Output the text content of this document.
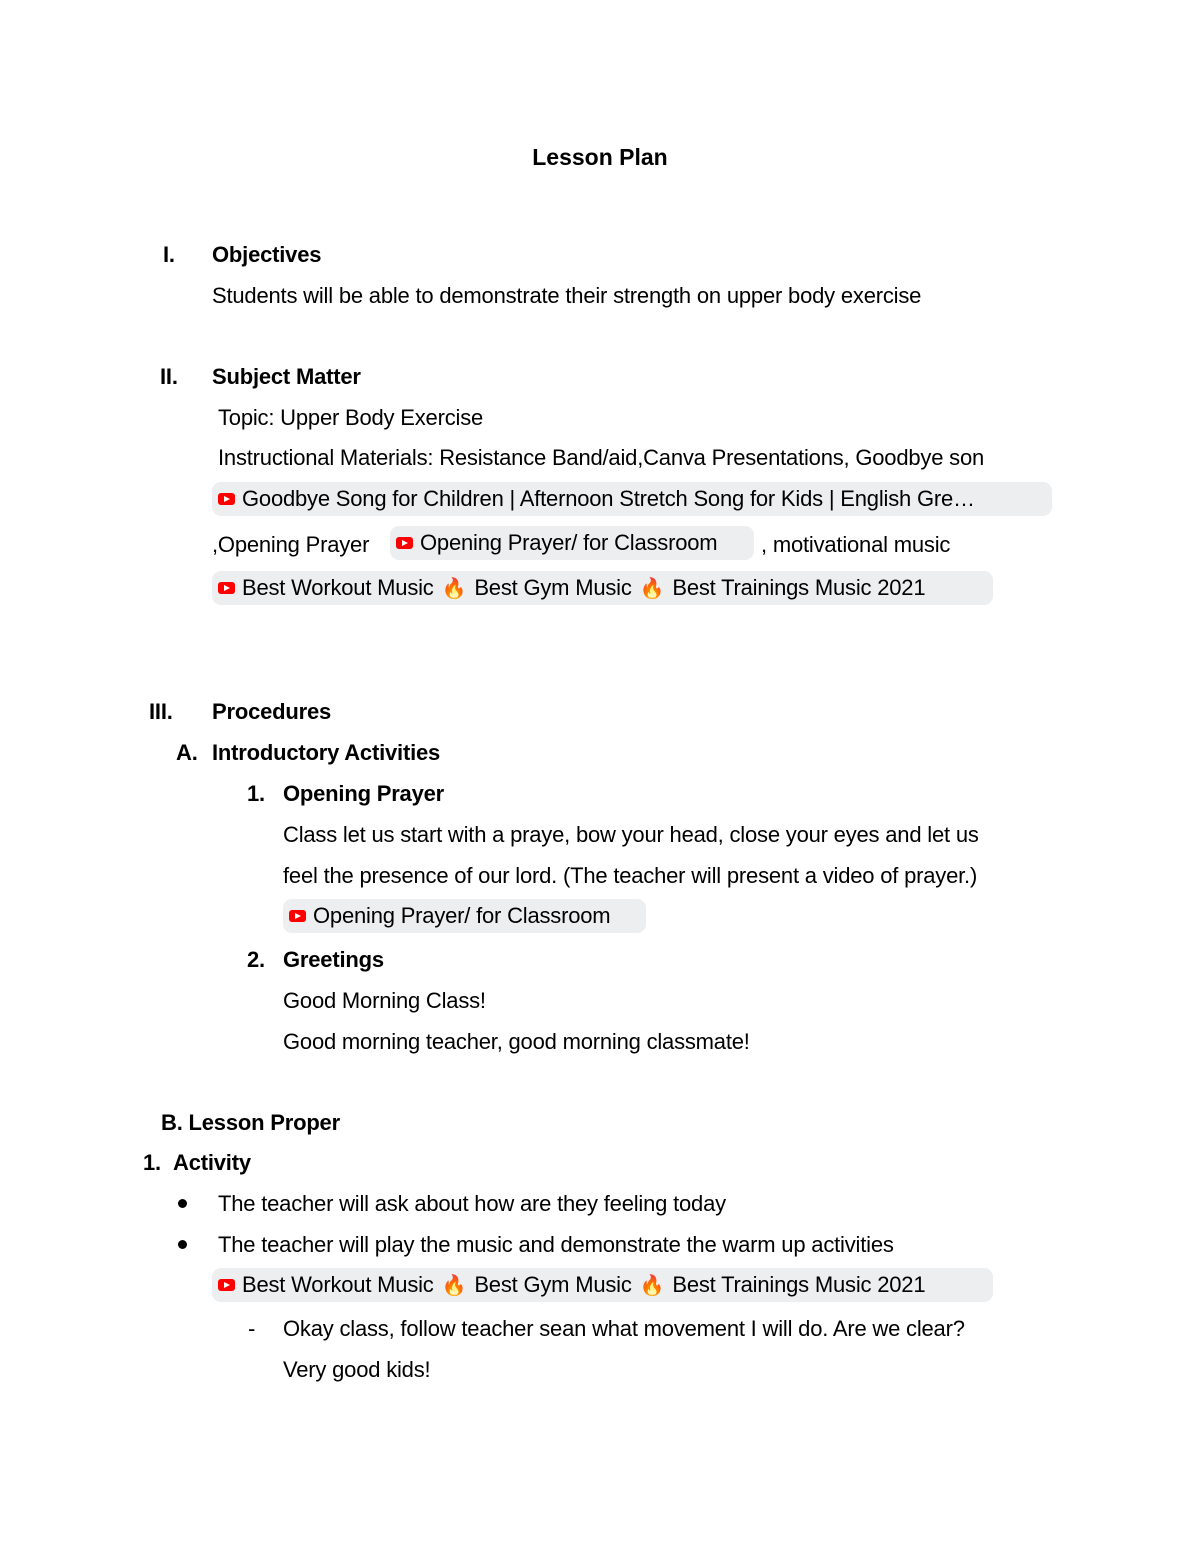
Lesson Plan
I. Objectives
Students will be able to demonstrate their strength on upper body exercise
II. Subject Matter
Topic: Upper Body Exercise
Instructional Materials: Resistance Band/aid,Canva Presentations, Goodbye son
Goodbye Song for Children | Afternoon Stretch Song for Kids | English Gre…
,Opening Prayer Opening Prayer/ for Classroom , motivational music
Best Workout Music 🔥 Best Gym Music 🔥 Best Trainings Music 2021
III. Procedures
A. Introductory Activities
1. Opening Prayer
Class let us start with a praye, bow your head, close your eyes and let us
feel the presence of our lord. (The teacher will present a video of prayer.)
Opening Prayer/ for Classroom
2. Greetings
Good Morning Class!
Good morning teacher, good morning classmate!
B. Lesson Proper
1. Activity
The teacher will ask about how are they feeling today
The teacher will play the music and demonstrate the warm up activities
Best Workout Music 🔥 Best Gym Music 🔥 Best Trainings Music 2021
- Okay class, follow teacher sean what movement I will do. Are we clear?
Very good kids!
